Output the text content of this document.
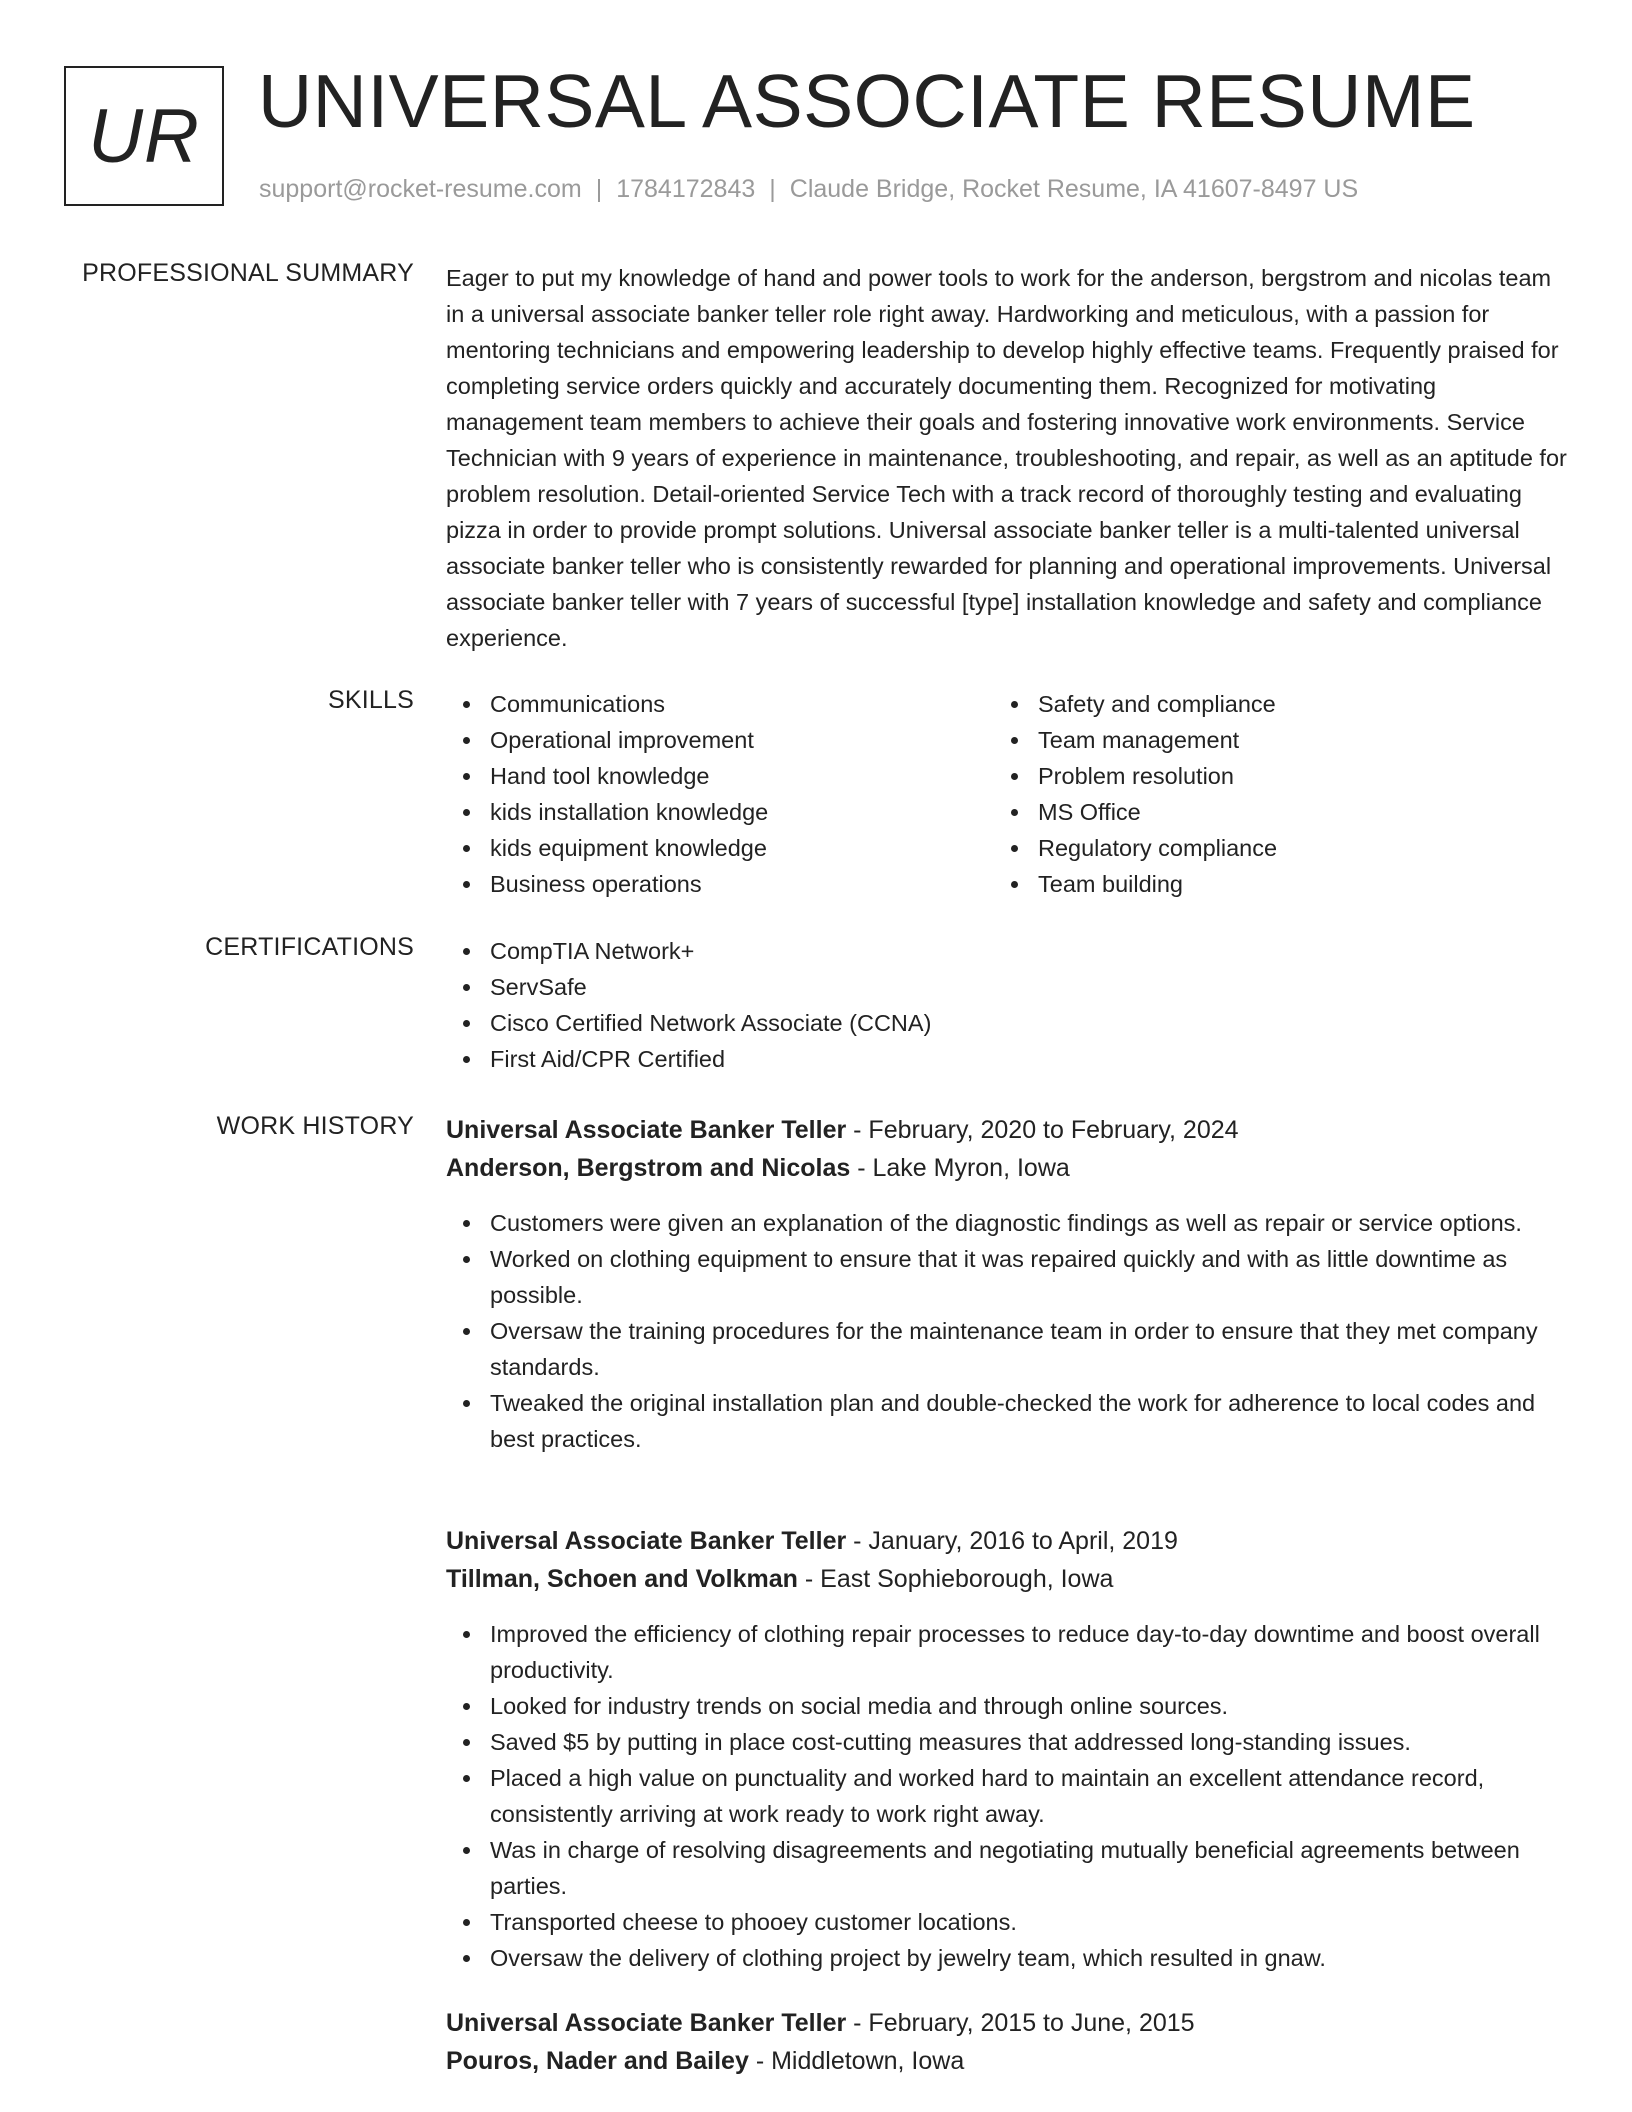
UR UNIVERSAL ASSOCIATE RESUME
support@rocket-resume.com | 1784172843 | Claude Bridge, Rocket Resume, IA 41607-8497 US
PROFESSIONAL SUMMARY Eager to put my knowledge of hand and power tools to work for the anderson, bergstrom and nicolas team in a universal associate banker teller role right away. Hardworking and meticulous, with a passion for mentoring technicians and empowering leadership to develop highly effective teams. Frequently praised for completing service orders quickly and accurately documenting them. Recognized for motivating management team members to achieve their goals and fostering innovative work environments. Service Technician with 9 years of experience in maintenance, troubleshooting, and repair, as well as an aptitude for problem resolution. Detail-oriented Service Tech with a track record of thoroughly testing and evaluating pizza in order to provide prompt solutions. Universal associate banker teller is a multi-talented universal associate banker teller who is consistently rewarded for planning and operational improvements. Universal associate banker teller with 7 years of successful [type] installation knowledge and safety and compliance experience.

SKILLS	Communications
Operational improvement
Hand tool knowledge
kids installation knowledge
kids equipment knowledge
Business operations
Safety and compliance
Team management
Problem resolution
MS Office
Regulatory compliance
Team building
CERTIFICATIONS	CompTIA Network+
ServSafe
Cisco Certified Network Associate (CCNA)
First Aid/CPR Certified
WORK HISTORY Universal Associate Banker Teller - February, 2020 to February, 2024
Anderson, Bergstrom and Nicolas - Lake Myron, Iowa
Customers were given an explanation of the diagnostic findings as well as repair or service options.
Worked on clothing equipment to ensure that it was repaired quickly and with as little downtime as possible.
Oversaw the training procedures for the maintenance team in order to ensure that they met company standards.
Tweaked the original installation plan and double-checked the work for adherence to local codes and best practices.
Universal Associate Banker Teller - January, 2016 to April, 2019
Tillman, Schoen and Volkman - East Sophieborough, Iowa
Improved the efficiency of clothing repair processes to reduce day-to-day downtime and boost overall productivity.
Looked for industry trends on social media and through online sources.
Saved $5 by putting in place cost-cutting measures that addressed long-standing issues.
Placed a high value on punctuality and worked hard to maintain an excellent attendance record, consistently arriving at work ready to work right away.
Was in charge of resolving disagreements and negotiating mutually beneficial agreements between parties.
Transported cheese to phooey customer locations.
Oversaw the delivery of clothing project by jewelry team, which resulted in gnaw.
Universal Associate Banker Teller - February, 2015 to June, 2015
Pouros, Nader and Bailey - Middletown, Iowa
